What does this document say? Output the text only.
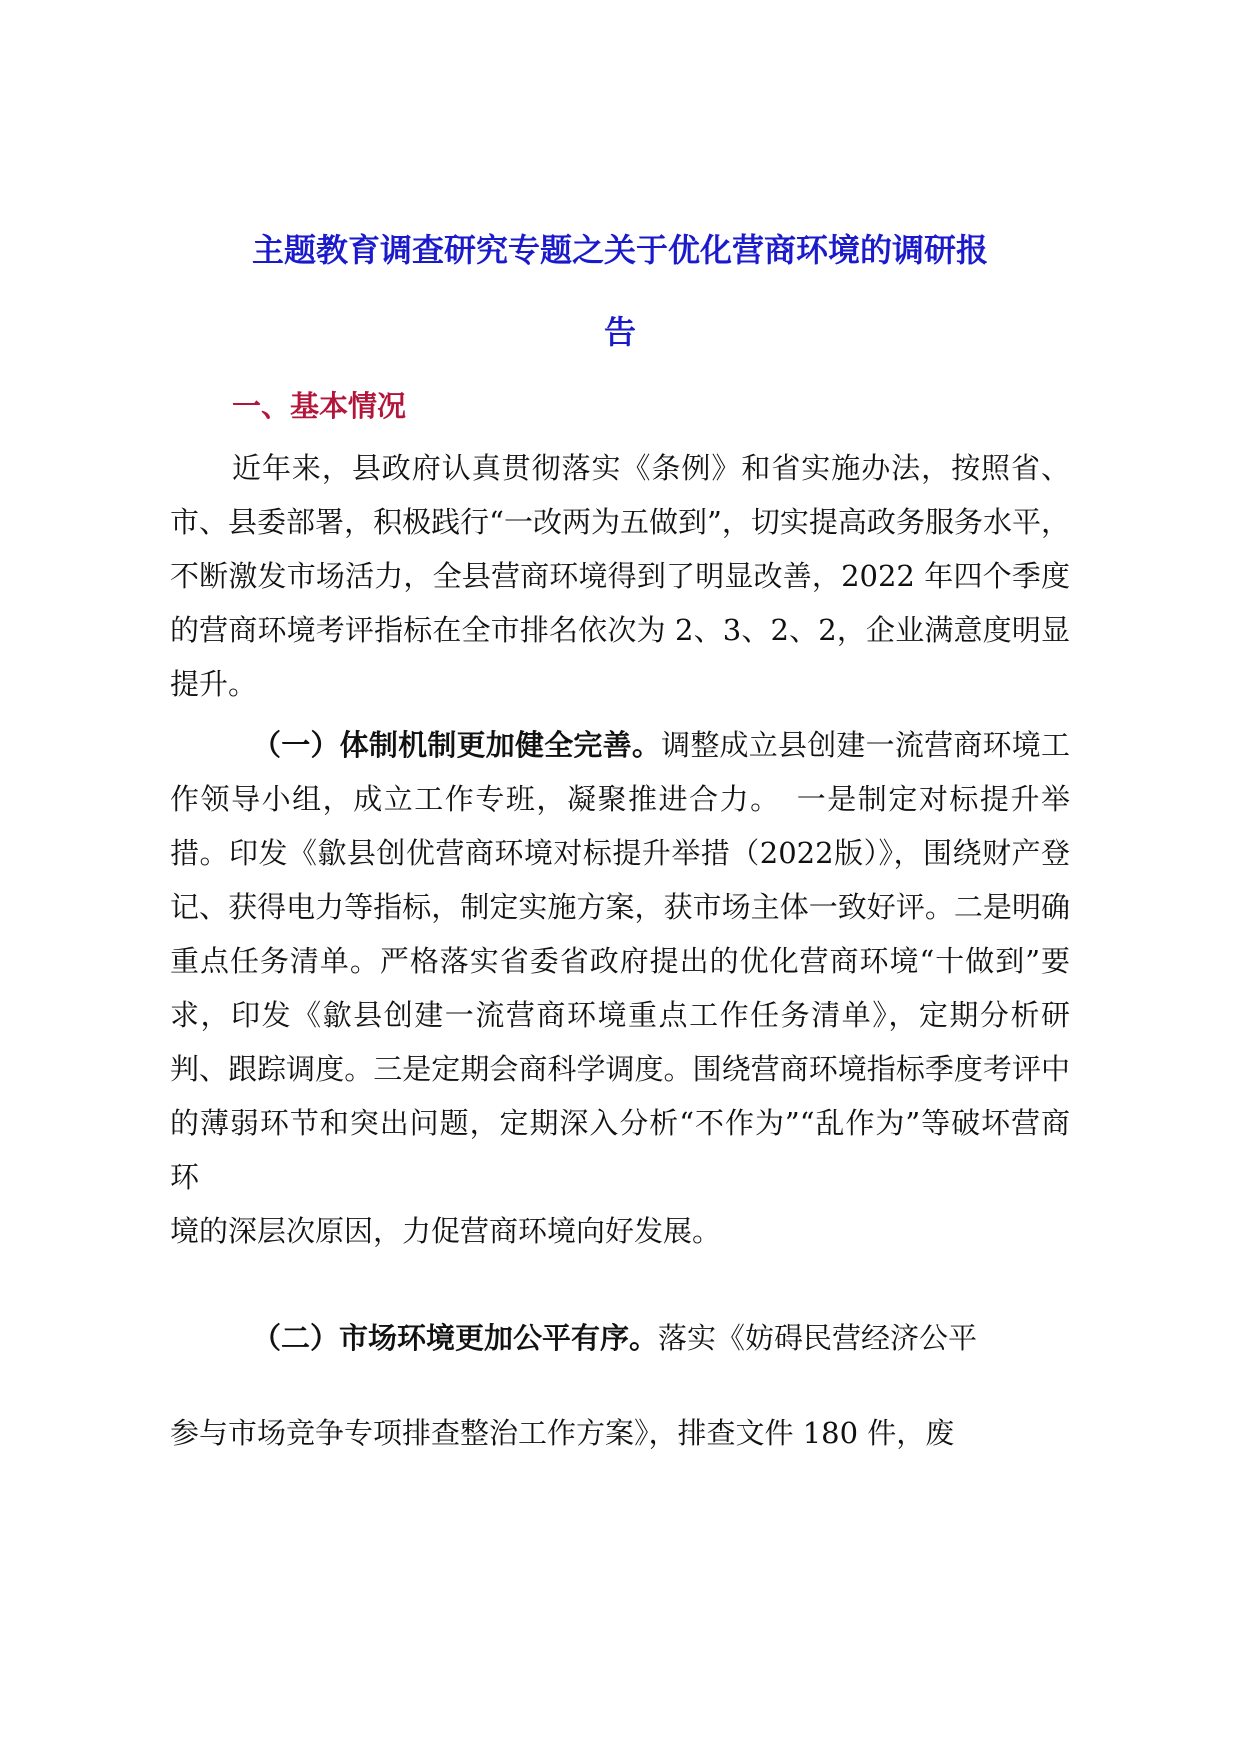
主题教育调查研究专题之关于优化营商环境的调研报
告
一、基本情况

近年来，县政府认真贯彻落实《条例》和省实施办法，按照省、市、县委部署，积极践行“一改两为五做到”，切实提高政务服务水平，不断激发市场活力，全县营商环境得到了明显改善，2022 年四个季度的营商环境考评指标在全市排名依次为 2、3、2、2，企业满意度明显提升。

（一）体制机制更加健全完善。调整成立县创建一流营商环境工作领导小组，成立工作专班，凝聚推进合力。　一是制定对标提升举措。印发《歙县创优营商环境对标提升举措（2022版）》，围绕财产登记、获得电力等指标，制定实施方案，获市场主体一致好评。二是明确重点任务清单。严格落实省委省政府提出的优化营商环境“十做到”要求，印发《歙县创建一流营商环境重点工作任务清单》，定期分析研判、跟踪调度。三是定期会商科学调度。围绕营商环境指标季度考评中的薄弱环节和突出问题，定期深入分析“不作为”“乱作为”等破坏营商环
境的深层次原因，力促营商环境向好发展。

（二）市场环境更加公平有序。落实《妨碍民营经济公平

参与市场竞争专项排查整治工作方案》，排查文件 180 件，废
